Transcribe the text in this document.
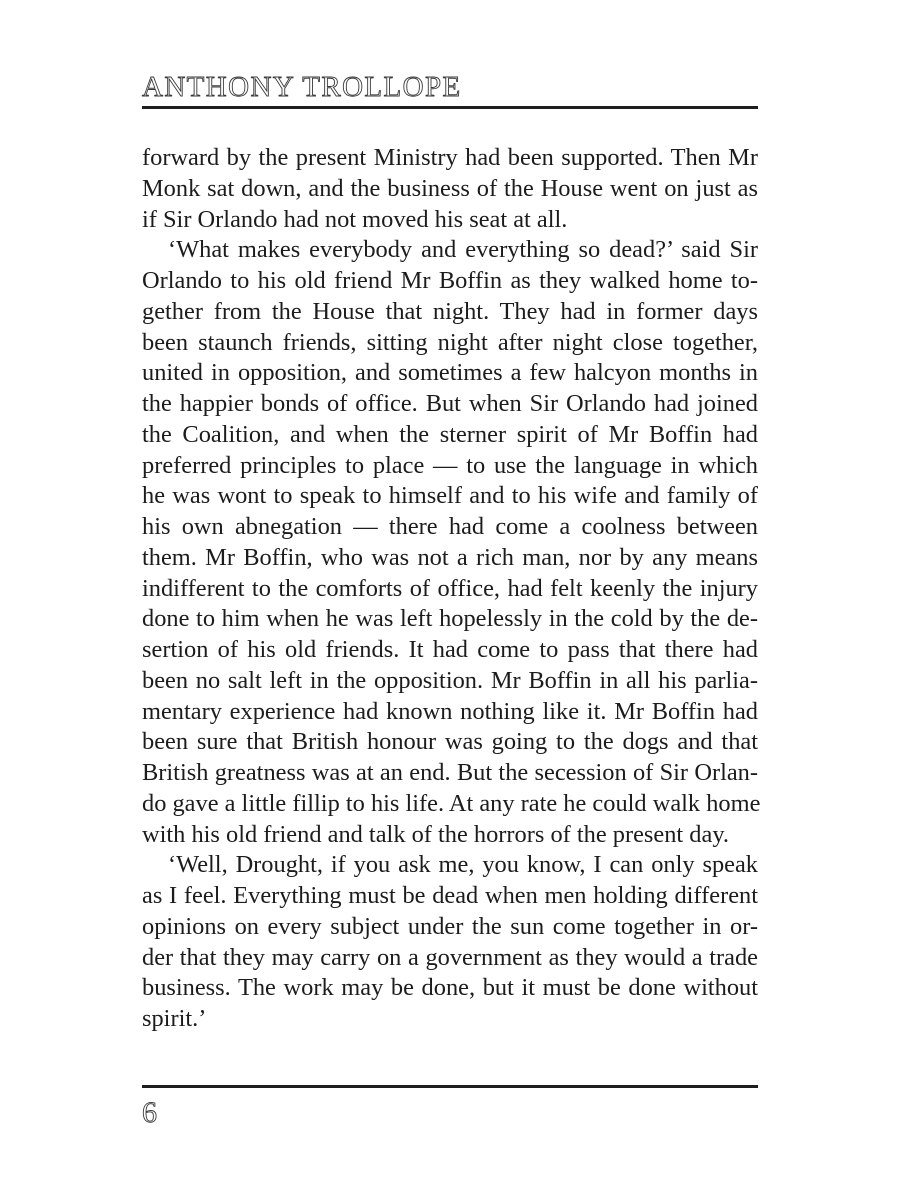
ANTHONY TROLLOPE
forward by the present Ministry had been supported. Then Mr
Monk sat down, and the business of the House went on just as
if Sir Orlando had not moved his seat at all.
‘What makes everybody and everything so dead?’ said Sir
Orlando to his old friend Mr Boffin as they walked home to-
gether from the House that night. They had in former days
been staunch friends, sitting night after night close together,
united in opposition, and sometimes a few halcyon months in
the happier bonds of office. But when Sir Orlando had joined
the Coalition, and when the sterner spirit of Mr Boffin had
preferred principles to place — to use the language in which
he was wont to speak to himself and to his wife and family of
his own abnegation — there had come a coolness between
them. Mr Boffin, who was not a rich man, nor by any means
indifferent to the comforts of office, had felt keenly the injury
done to him when he was left hopelessly in the cold by the de-
sertion of his old friends. It had come to pass that there had
been no salt left in the opposition. Mr Boffin in all his parlia-
mentary experience had known nothing like it. Mr Boffin had
been sure that British honour was going to the dogs and that
British greatness was at an end. But the secession of Sir Orlan-
do gave a little fillip to his life. At any rate he could walk home
with his old friend and talk of the horrors of the present day.
‘Well, Drought, if you ask me, you know, I can only speak
as I feel. Everything must be dead when men holding different
opinions on every subject under the sun come together in or-
der that they may carry on a government as they would a trade
business. The work may be done, but it must be done without
spirit.’
6
